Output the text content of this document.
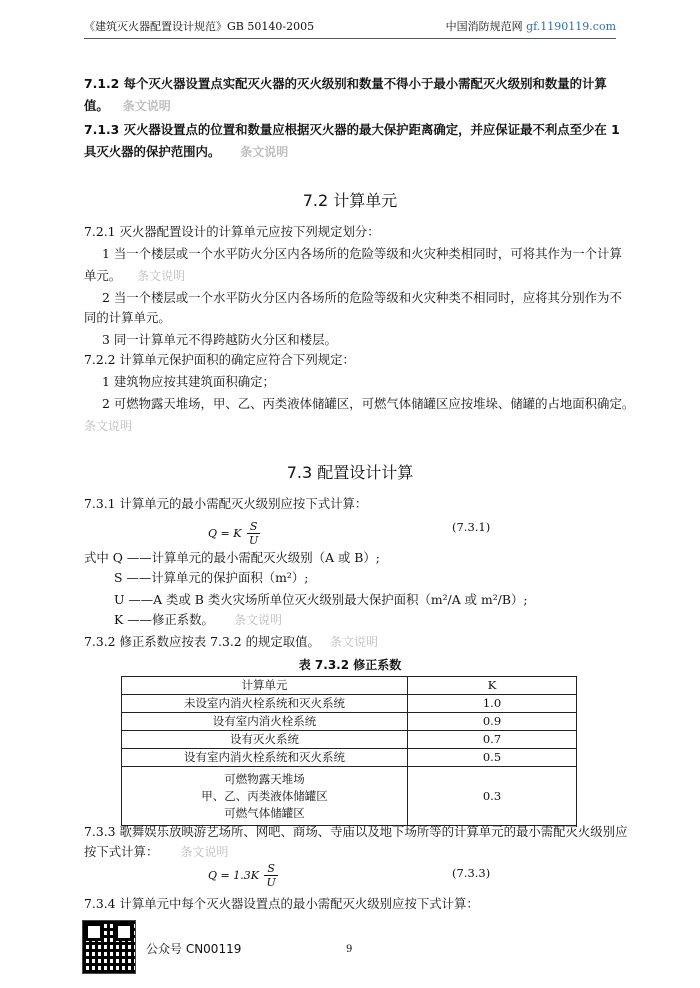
《建筑灭火器配置设计规范》GB 50140-2005	中国消防规范网 gf.1190119.com
7.1.2 每个灭火器设置点实配灭火器的灭火级别和数量不得小于最小需配灭火级别和数量的计算
值。 条文说明
7.1.3 灭火器设置点的位置和数量应根据灭火器的最大保护距离确定，并应保证最不利点至少在 1
具灭火器的保护范围内。 条文说明
7.2 计算单元
7.2.1 灭火器配置设计的计算单元应按下列规定划分：
1 当一个楼层或一个水平防火分区内各场所的危险等级和火灾种类相同时，可将其作为一个计算
单元。 条文说明
2 当一个楼层或一个水平防火分区内各场所的危险等级和火灾种类不相同时，应将其分别作为不
同的计算单元。
3 同一计算单元不得跨越防火分区和楼层。
7.2.2 计算单元保护面积的确定应符合下列规定：
1 建筑物应按其建筑面积确定；
2 可燃物露天堆场，甲、乙、丙类液体储罐区，可燃气体储罐区应按堆垛、储罐的占地面积确定。
条文说明
7.3 配置设计计算
7.3.1 计算单元的最小需配灭火级别应按下式计算：
Q = K $\frac{S}{U}$	(7.3.1)
式中 Q ——计算单元的最小需配灭火级别（A 或 B）;
S ——计算单元的保护面积（m²）;
U ——A 类或 B 类火灾场所单位灭火级别最大保护面积（m²/A 或 m²/B）;
K ——修正系数。 条文说明
7.3.2 修正系数应按表 7.3.2 的规定取值。 条文说明
表 7.3.2 修正系数
计算单元	K
未设室内消火栓系统和灭火系统	1.0
设有室内消火栓系统	0.9
设有灭火系统	0.7
设有室内消火栓系统和灭火系统	0.5

可燃物露天堆场
甲、乙、丙类液体储罐区
可燃气体储罐区	0.3
7.3.3 歌舞娱乐放映游艺场所、网吧、商场、寺庙以及地下场所等的计算单元的最小需配灭火级别应
按下式计算： 条文说明
$Q = 1.3K \frac{S}{U}$	(7.3.3)
7.3.4 计算单元中每个灭火器设置点的最小需配灭火级别应按下式计算：
公众号 CN00119	9
